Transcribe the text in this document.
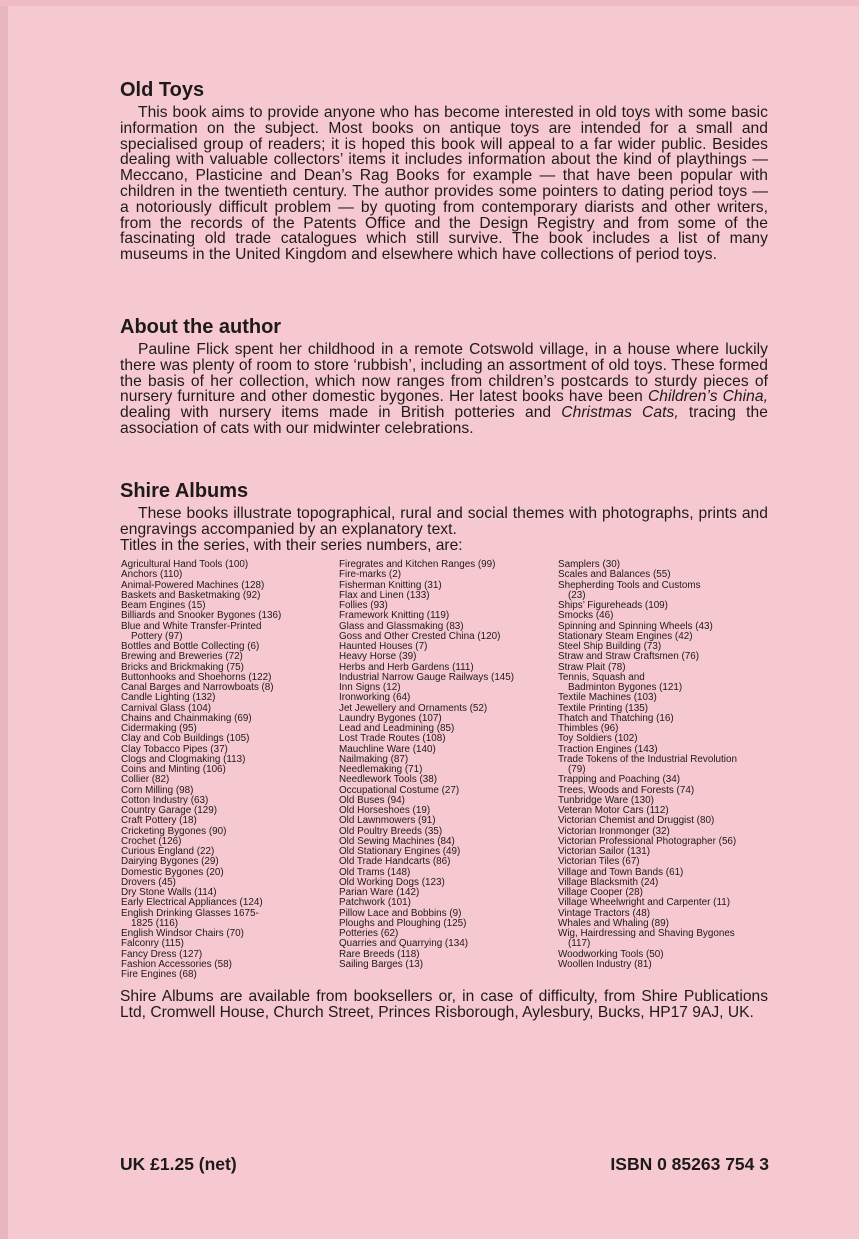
Old Toys

This book aims to provide anyone who has become interested in old toys with some basic information on the subject. Most books on antique toys are intended for a small and specialised group of readers; it is hoped this book will appeal to a far wider public. Besides dealing with valuable collectors’ items it includes information about the kind of playthings — Meccano, Plasticine and Dean’s Rag Books for example — that have been popular with children in the twentieth century. The author provides some pointers to dating period toys — a notoriously difficult problem — by quoting from contemporary diarists and other writers, from the records of the Patents Office and the Design Registry and from some of the fascinating old trade catalogues which still survive. The book includes a list of many museums in the United Kingdom and elsewhere which have collections of period toys.

About the author

Pauline Flick spent her childhood in a remote Cotswold village, in a house where luckily there was plenty of room to store ‘rubbish’, including an assortment of old toys. These formed the basis of her collection, which now ranges from children’s postcards to sturdy pieces of nursery furniture and other domestic bygones. Her latest books have been Children’s China, dealing with nursery items made in British potteries and Christmas Cats, tracing the association of cats with our midwinter celebrations.

Shire Albums

These books illustrate topographical, rural and social themes with photographs, prints and engravings accompanied by an explanatory text.

Titles in the series, with their series numbers, are:

Agricultural Hand Tools (100)
Anchors (110)
Animal-Powered Machines (128)
Baskets and Basketmaking (92)
Beam Engines (15)
Billiards and Snooker Bygones (136)
Blue and White Transfer-Printed
Pottery (97)
Bottles and Bottle Collecting (6)
Brewing and Breweries (72)
Bricks and Brickmaking (75)
Buttonhooks and Shoehorns (122)
Canal Barges and Narrowboats (8)
Candle Lighting (132)
Carnival Glass (104)
Chains and Chainmaking (69)
Cidermaking (95)
Clay and Cob Buildings (105)
Clay Tobacco Pipes (37)
Clogs and Clogmaking (113)
Coins and Minting (106)
Collier (82)
Corn Milling (98)
Cotton Industry (63)
Country Garage (129)
Craft Pottery (18)
Cricketing Bygones (90)
Crochet (126)
Curious England (22)
Dairying Bygones (29)
Domestic Bygones (20)
Drovers (45)
Dry Stone Walls (114)
Early Electrical Appliances (124)
English Drinking Glasses 1675-
1825 (116)
English Windsor Chairs (70)
Falconry (115)
Fancy Dress (127)
Fashion Accessories (58)
Fire Engines (68)
Firegrates and Kitchen Ranges (99)
Fire-marks (2)
Fisherman Knitting (31)
Flax and Linen (133)
Follies (93)
Framework Knitting (119)
Glass and Glassmaking (83)
Goss and Other Crested China (120)
Haunted Houses (7)
Heavy Horse (39)
Herbs and Herb Gardens (111)
Industrial Narrow Gauge Railways (145)
Inn Signs (12)
Ironworking (64)
Jet Jewellery and Ornaments (52)
Laundry Bygones (107)
Lead and Leadmining (85)
Lost Trade Routes (108)
Mauchline Ware (140)
Nailmaking (87)
Needlemaking (71)
Needlework Tools (38)
Occupational Costume (27)
Old Buses (94)
Old Horseshoes (19)
Old Lawnmowers (91)
Old Poultry Breeds (35)
Old Sewing Machines (84)
Old Stationary Engines (49)
Old Trade Handcarts (86)
Old Trams (148)
Old Working Dogs (123)
Parian Ware (142)
Patchwork (101)
Pillow Lace and Bobbins (9)
Ploughs and Ploughing (125)
Potteries (62)
Quarries and Quarrying (134)
Rare Breeds (118)
Sailing Barges (13)
Samplers (30)
Scales and Balances (55)
Shepherding Tools and Customs
(23)
Ships’ Figureheads (109)
Smocks (46)
Spinning and Spinning Wheels (43)
Stationary Steam Engines (42)
Steel Ship Building (73)
Straw and Straw Craftsmen (76)
Straw Plait (78)
Tennis, Squash and
Badminton Bygones (121)
Textile Machines (103)
Textile Printing (135)
Thatch and Thatching (16)
Thimbles (96)
Toy Soldiers (102)
Traction Engines (143)
Trade Tokens of the Industrial Revolution
(79)
Trapping and Poaching (34)
Trees, Woods and Forests (74)
Tunbridge Ware (130)
Veteran Motor Cars (112)
Victorian Chemist and Druggist (80)
Victorian Ironmonger (32)
Victorian Professional Photographer (56)
Victorian Sailor (131)
Victorian Tiles (67)
Village and Town Bands (61)
Village Blacksmith (24)
Village Cooper (28)
Village Wheelwright and Carpenter (11)
Vintage Tractors (48)
Whales and Whaling (89)
Wig, Hairdressing and Shaving Bygones
(117)
Woodworking Tools (50)
Woollen Industry (81)

Shire Albums are available from booksellers or, in case of difficulty, from Shire Publications Ltd, Cromwell House, Church Street, Princes Risborough, Aylesbury, Bucks, HP17 9AJ, UK.

UK £1.25 (net)	ISBN 0 85263 754 3
